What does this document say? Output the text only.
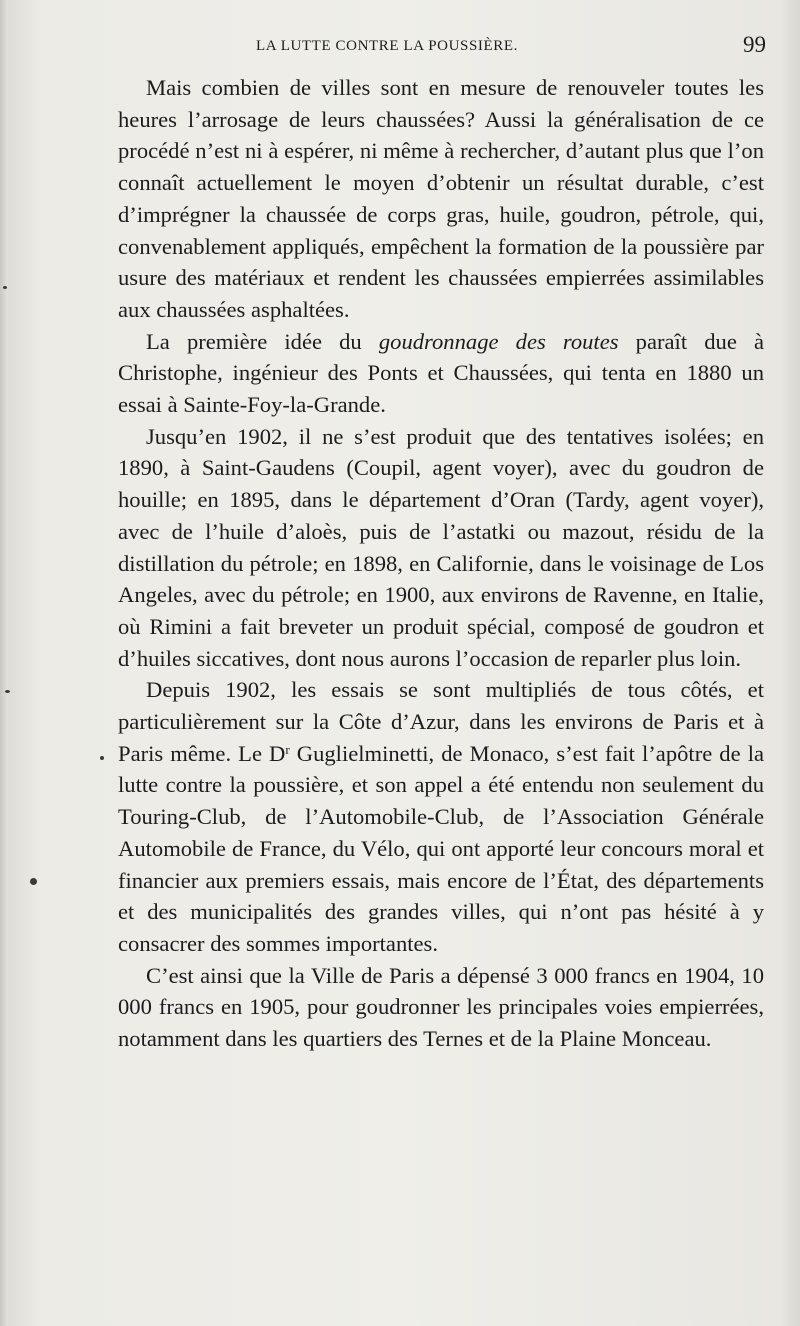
LA LUTTE CONTRE LA POUSSIÈRE.	99

Mais combien de villes sont en mesure de renouveler toutes les heures l’arrosage de leurs chaussées? Aussi la généralisation de ce procédé n’est ni à espérer, ni même à rechercher, d’autant plus que l’on connaît actuellement le moyen d’obtenir un résultat durable, c’est d’imprégner la chaussée de corps gras, huile, goudron, pétrole, qui, convenablement appliqués, empêchent la formation de la poussière par usure des matériaux et rendent les chaussées empierrées assimilables aux chaussées asphaltées.

La première idée du goudronnage des routes paraît due à Christophe, ingénieur des Ponts et Chaussées, qui tenta en 1880 un essai à Sainte-Foy-la-Grande.

Jusqu’en 1902, il ne s’est produit que des tentatives isolées; en 1890, à Saint-Gaudens (Coupil, agent voyer), avec du goudron de houille; en 1895, dans le département d’Oran (Tardy, agent voyer), avec de l’huile d’aloès, puis de l’astatki ou mazout, résidu de la distillation du pétrole; en 1898, en Californie, dans le voisinage de Los Angeles, avec du pétrole; en 1900, aux environs de Ravenne, en Italie, où Rimini a fait breveter un produit spécial, composé de goudron et d’huiles siccatives, dont nous aurons l’occasion de reparler plus loin.

Depuis 1902, les essais se sont multipliés de tous côtés, et particulièrement sur la Côte d’Azur, dans les environs de Paris et à Paris même. Le $D^r$ Guglielminetti, de Monaco, s’est fait l’apôtre de la lutte contre la poussière, et son appel a été entendu non seulement du Touring-Club, de l’Automobile-Club, de l’Association Générale Automobile de France, du Vélo, qui ont apporté leur concours moral et financier aux premiers essais, mais encore de l’État, des départements et des municipalités des grandes villes, qui n’ont pas hésité à y consacrer des sommes importantes.

C’est ainsi que la Ville de Paris a dépensé 3 000 francs en 1904, 10 000 francs en 1905, pour goudronner les principales voies empierrées, notamment dans les quartiers des Ternes et de la Plaine Monceau.
